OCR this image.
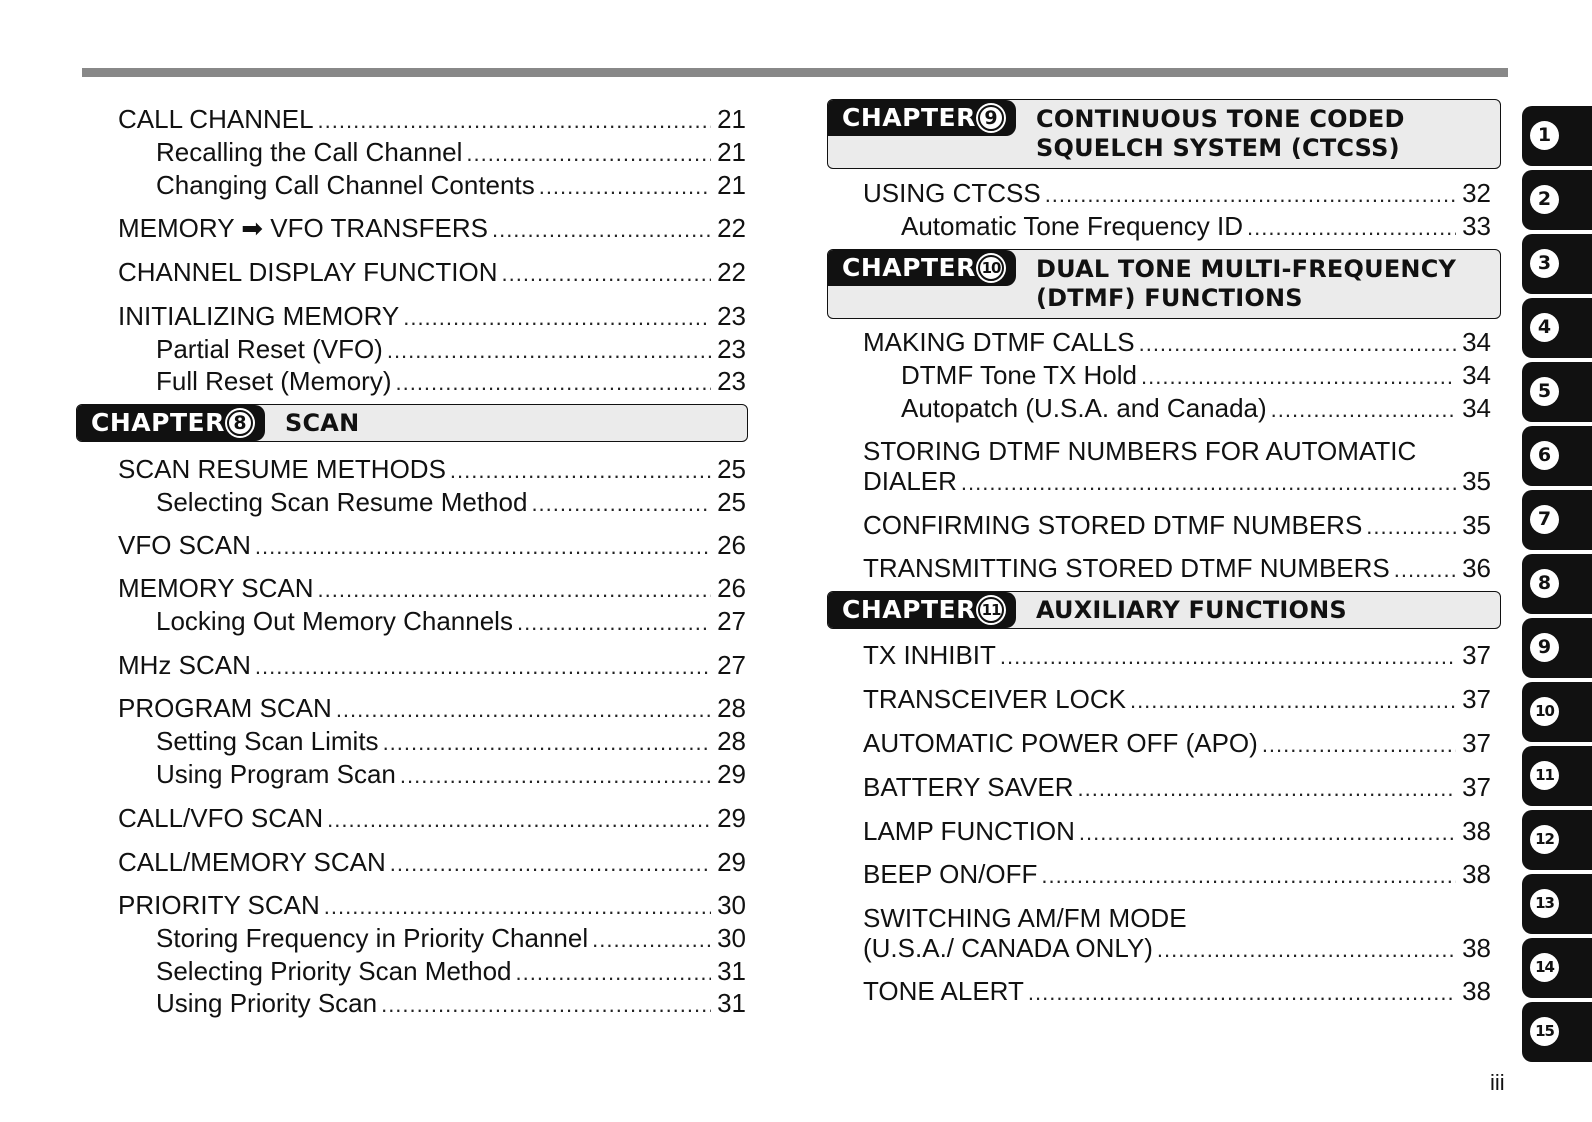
CALL CHANNEL .....	21
Recalling the Call Channel .....	21
Changing Call Channel Contents .....	21
MEMORY ➡ VFO TRANSFERS .....	22
CHANNEL DISPLAY FUNCTION .....	22
INITIALIZING MEMORY .....	23
Partial Reset (VFO) .....	23
Full Reset (Memory) .....	23
CHAPTER 8	SCAN
SCAN RESUME METHODS .....	25
Selecting Scan Resume Method .....	25
VFO SCAN .....	26
MEMORY SCAN .....	26
Locking Out Memory Channels .....	27
MHz SCAN .....	27
PROGRAM SCAN .....	28
Setting Scan Limits .....	28
Using Program Scan .....	29
CALL/VFO SCAN .....	29
CALL/MEMORY SCAN .....	29
PRIORITY SCAN .....	30
Storing Frequency in Priority Channel .....	30
Selecting Priority Scan Method .....	31
Using Priority Scan .....	31
CHAPTER 9	CONTINUOUS TONE CODED
SQUELCH SYSTEM (CTCSS)
USING CTCSS .....	32
Automatic Tone Frequency ID .....	33
CHAPTER 10 DUAL TONE MULTI-FREQUENCY
(DTMF) FUNCTIONS
MAKING DTMF CALLS .....	34
DTMF Tone TX Hold .....	34
Autopatch (U.S.A. and Canada) .....	34
STORING DTMF NUMBERS FOR AUTOMATIC
DIALER .....	35
CONFIRMING STORED DTMF NUMBERS .....	35
TRANSMITTING STORED DTMF NUMBERS .....	36
CHAPTER 11 AUXILIARY FUNCTIONS
TX INHIBIT .....	37
TRANSCEIVER LOCK .....	37
AUTOMATIC POWER OFF (APO) .....	37
BATTERY SAVER .....	37
LAMP FUNCTION .....	38
BEEP ON/OFF .....	38
SWITCHING AM/FM MODE
(U.S.A./ CANADA ONLY) .....	38
TONE ALERT .....	38
1
2
3
4
5
6
7
8
9
10
11
12
13
14
15
iii
